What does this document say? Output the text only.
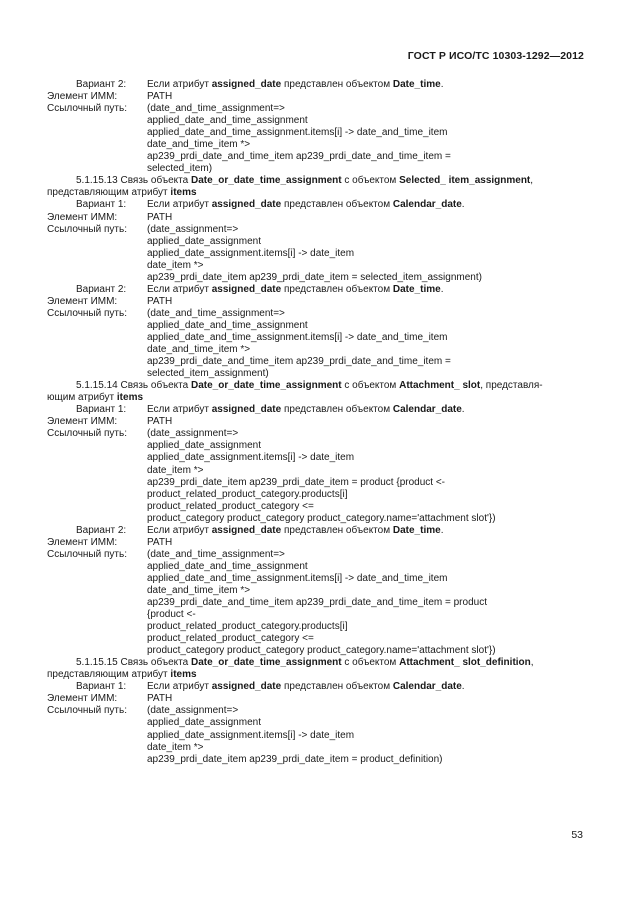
ГОСТ Р ИСО/ТС 10303-1292—2012
Вариант 2:	Если атрибут assigned_date представлен объектом Date_time.
Элемент ИММ:	PATH
Ссылочный путь:	(date_and_time_assignment=>
applied_date_and_time_assignment
applied_date_and_time_assignment.items[i] -> date_and_time_item
date_and_time_item *>
ap239_prdi_date_and_time_item ap239_prdi_date_and_time_item =
selected_item)
5.1.15.13 Связь объекта Date_or_date_time_assignment с объектом Selected_ item_assignment,
представляющим атрибут items
Вариант 1:	Если атрибут assigned_date представлен объектом Calendar_date.
Элемент ИММ:	PATH
Ссылочный путь:	(date_assignment=>
applied_date_assignment
applied_date_assignment.items[i] -> date_item
date_item *>
ap239_prdi_date_item ap239_prdi_date_item = selected_item_assignment)
Вариант 2:	Если атрибут assigned_date представлен объектом Date_time.
Элемент ИММ:	PATH
Ссылочный путь:	(date_and_time_assignment=>
applied_date_and_time_assignment
applied_date_and_time_assignment.items[i] -> date_and_time_item
date_and_time_item *>
ap239_prdi_date_and_time_item ap239_prdi_date_and_time_item =
selected_item_assignment)
5.1.15.14 Связь объекта Date_or_date_time_assignment с объектом Attachment_ slot, представля-
ющим атрибут items
Вариант 1:	Если атрибут assigned_date представлен объектом Calendar_date.
Элемент ИММ:	PATH
Ссылочный путь:	(date_assignment=>
applied_date_assignment
applied_date_assignment.items[i] -> date_item
date_item *>
ap239_prdi_date_item ap239_prdi_date_item = product {product <-
product_related_product_category.products[i]
product_related_product_category <=
product_category product_category product_category.name='attachment slot'})
Вариант 2:	Если атрибут assigned_date представлен объектом Date_time.
Элемент ИММ:	PATH
Ссылочный путь:	(date_and_time_assignment=>
applied_date_and_time_assignment
applied_date_and_time_assignment.items[i] -> date_and_time_item
date_and_time_item *>
ap239_prdi_date_and_time_item ap239_prdi_date_and_time_item = product
{product <-
product_related_product_category.products[i]
product_related_product_category <=
product_category product_category product_category.name='attachment slot'})
5.1.15.15 Связь объекта Date_or_date_time_assignment с объектом Attachment_ slot_definition,
представляющим атрибут items
Вариант 1:	Если атрибут assigned_date представлен объектом Calendar_date.
Элемент ИММ:	PATH
Ссылочный путь:	(date_assignment=>
applied_date_assignment
applied_date_assignment.items[i] -> date_item
date_item *>
ap239_prdi_date_item ap239_prdi_date_item = product_definition)
53
